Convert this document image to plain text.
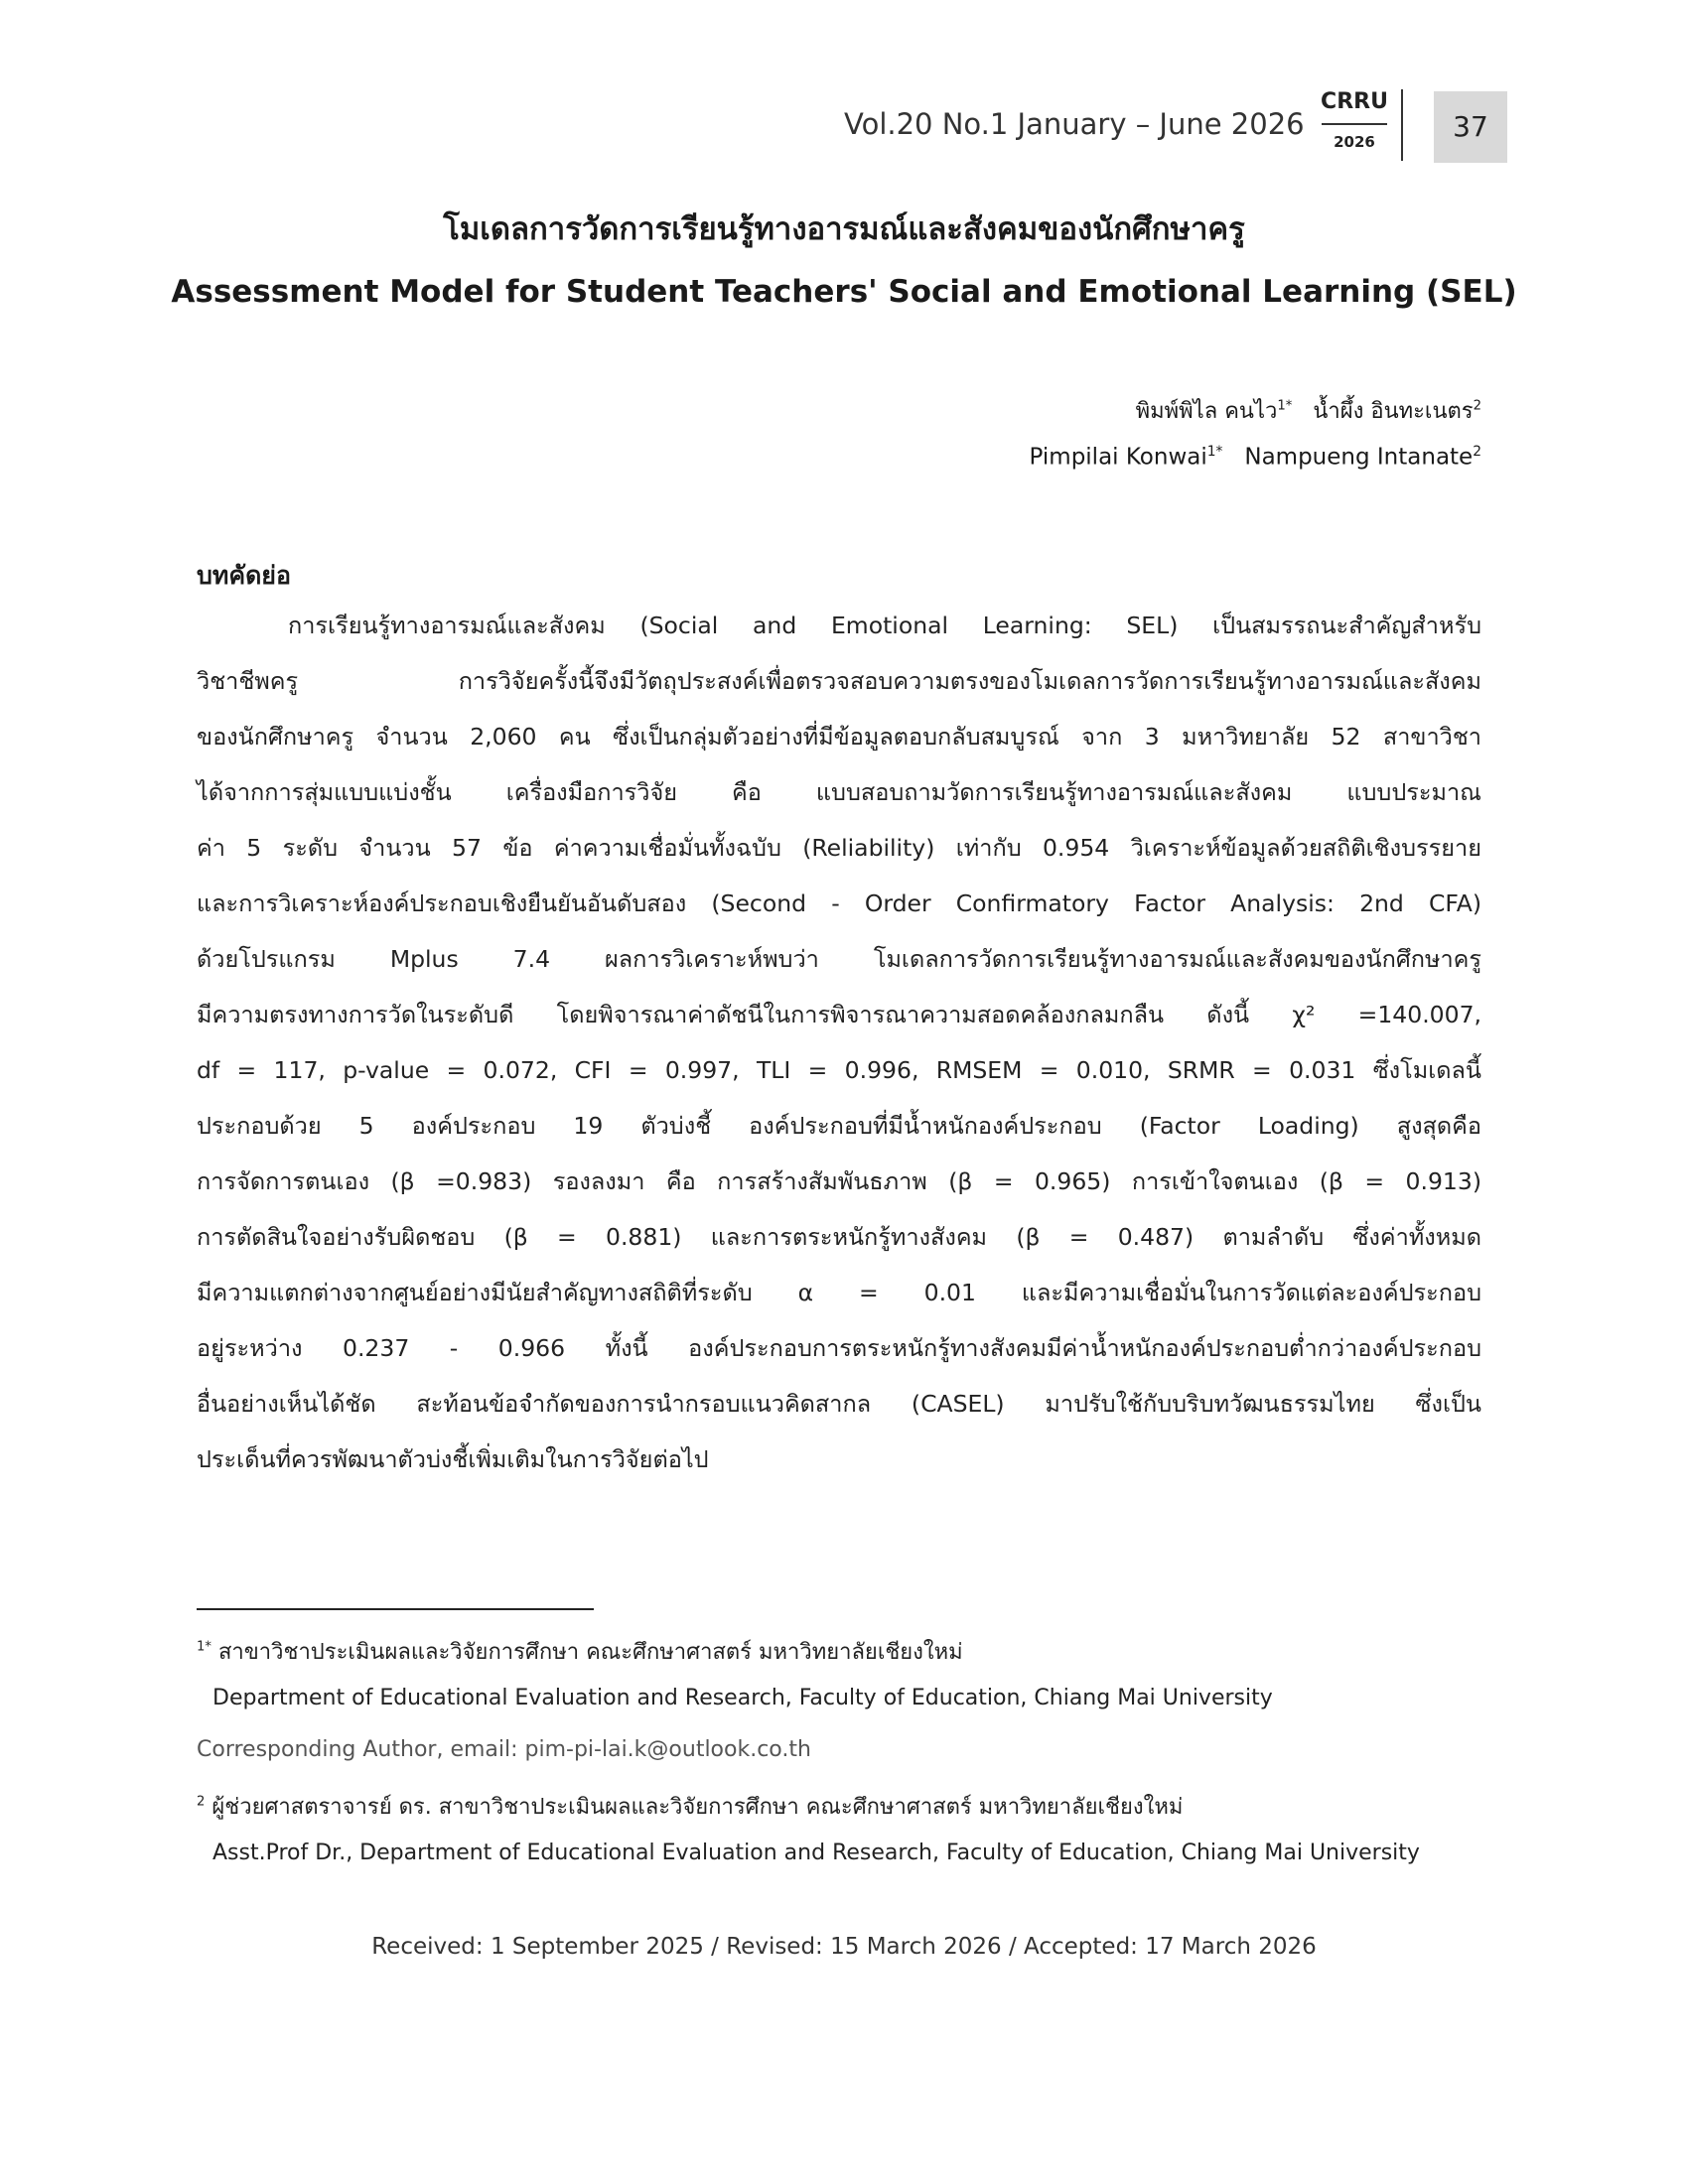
Vol.20 No.1 January – June 2026
CRRU
2026	37
โมเดลการวัดการเรียนรู้ทางอารมณ์และสังคมของนักศึกษาครู
Assessment Model for Student Teachers' Social and Emotional Learning (SEL)
พิมพ์พิไล คนไว$^{1*}$ น้ำผึ้ง อินทะเนตร$^2$
Pimpilai Konwai$^{1*}$ Nampueng Intanate$^2$
บทคัดย่อ
การเรียนรู้ทางอารมณ์และสังคม (Social and Emotional Learning: SEL) เป็นสมรรถนะสำคัญสำหรับ
วิชาชีพครู การวิจัยครั้งนี้จึงมีวัตถุประสงค์เพื่อตรวจสอบความตรงของโมเดลการวัดการเรียนรู้ทางอารมณ์และสังคม
ของนักศึกษาครู จำนวน 2,060 คน ซึ่งเป็นกลุ่มตัวอย่างที่มีข้อมูลตอบกลับสมบูรณ์ จาก 3 มหาวิทยาลัย 52 สาขาวิชา
ได้จากการสุ่มแบบแบ่งชั้น เครื่องมือการวิจัย คือ แบบสอบถามวัดการเรียนรู้ทางอารมณ์และสังคม แบบประมาณ
ค่า 5 ระดับ จำนวน 57 ข้อ ค่าความเชื่อมั่นทั้งฉบับ (Reliability) เท่ากับ 0.954 วิเคราะห์ข้อมูลด้วยสถิติเชิงบรรยาย
และการวิเคราะห์องค์ประกอบเชิงยืนยันอันดับสอง (Second - Order Confirmatory Factor Analysis: 2nd CFA)
ด้วยโปรแกรม Mplus 7.4 ผลการวิเคราะห์พบว่า โมเดลการวัดการเรียนรู้ทางอารมณ์และสังคมของนักศึกษาครู
มีความตรงทางการวัดในระดับดี โดยพิจารณาค่าดัชนีในการพิจารณาความสอดคล้องกลมกลืน ดังนี้ χ² =140.007,
df = 117, p-value = 0.072, CFI = 0.997, TLI = 0.996, RMSEM = 0.010, SRMR = 0.031 ซึ่งโมเดลนี้
ประกอบด้วย 5 องค์ประกอบ 19 ตัวบ่งชี้ องค์ประกอบที่มีน้ำหนักองค์ประกอบ (Factor Loading) สูงสุดคือ
การจัดการตนเอง (β =0.983) รองลงมา คือ การสร้างสัมพันธภาพ (β = 0.965) การเข้าใจตนเอง (β = 0.913)
การตัดสินใจอย่างรับผิดชอบ (β = 0.881) และการตระหนักรู้ทางสังคม (β = 0.487) ตามลำดับ ซึ่งค่าทั้งหมด
มีความแตกต่างจากศูนย์อย่างมีนัยสำคัญทางสถิติที่ระดับ α = 0.01 และมีความเชื่อมั่นในการวัดแต่ละองค์ประกอบ
อยู่ระหว่าง 0.237 - 0.966 ทั้งนี้ องค์ประกอบการตระหนักรู้ทางสังคมมีค่าน้ำหนักองค์ประกอบต่ำกว่าองค์ประกอบ
อื่นอย่างเห็นได้ชัด สะท้อนข้อจำกัดของการนำกรอบแนวคิดสากล (CASEL) มาปรับใช้กับบริบทวัฒนธรรมไทย ซึ่งเป็น
ประเด็นที่ควรพัฒนาตัวบ่งชี้เพิ่มเติมในการวิจัยต่อไป
$^{1*}$ สาขาวิชาประเมินผลและวิจัยการศึกษา คณะศึกษาศาสตร์ มหาวิทยาลัยเชียงใหม่
Department of Educational Evaluation and Research, Faculty of Education, Chiang Mai University
Corresponding Author, email: pim-pi-lai.k@outlook.co.th
$^2$ ผู้ช่วยศาสตราจารย์ ดร. สาขาวิชาประเมินผลและวิจัยการศึกษา คณะศึกษาศาสตร์ มหาวิทยาลัยเชียงใหม่
Asst.Prof Dr., Department of Educational Evaluation and Research, Faculty of Education, Chiang Mai University
Received: 1 September 2025 / Revised: 15 March 2026 / Accepted: 17 March 2026
